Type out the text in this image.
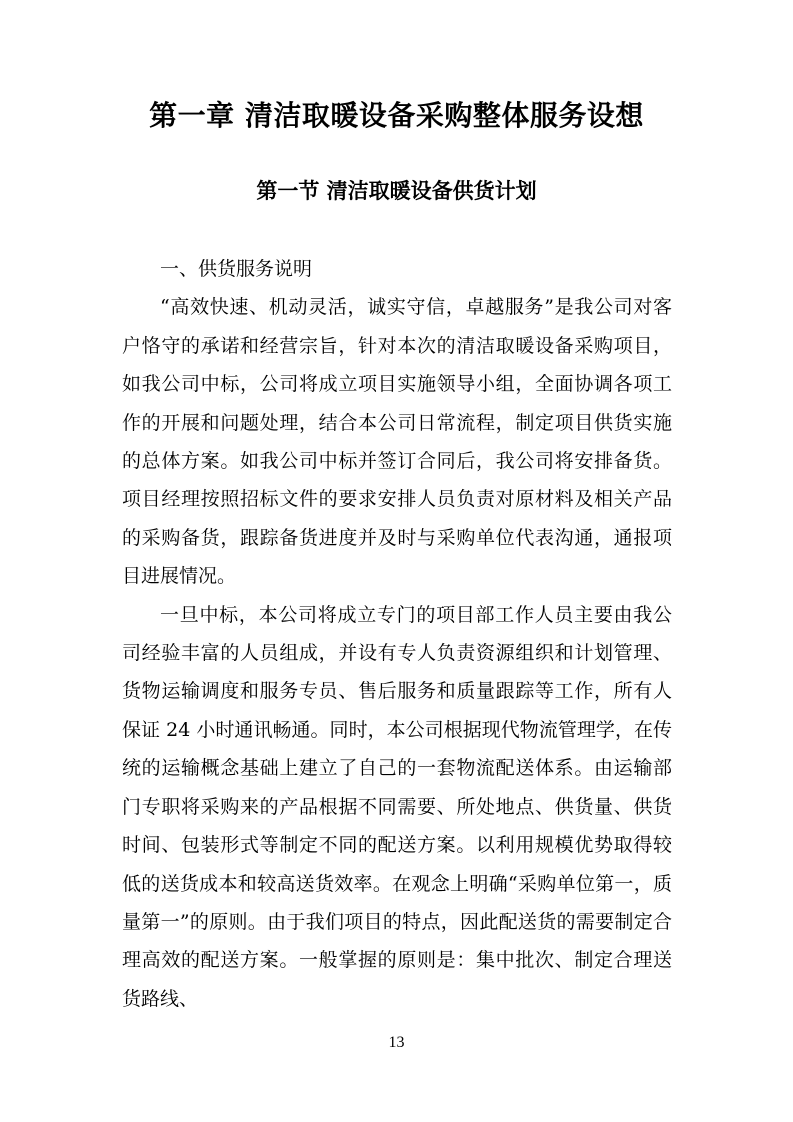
第一章 清洁取暖设备采购整体服务设想
第一节 清洁取暖设备供货计划

一、供货服务说明

“高效快速、机动灵活，诚实守信，卓越服务”是我公司对客户恪守的承诺和经营宗旨，针对本次的清洁取暖设备采购项目，如我公司中标，公司将成立项目实施领导小组，全面协调各项工作的开展和问题处理，结合本公司日常流程，制定项目供货实施的总体方案。如我公司中标并签订合同后，我公司将安排备货。项目经理按照招标文件的要求安排人员负责对原材料及相关产品的采购备货，跟踪备货进度并及时与采购单位代表沟通，通报项目进展情况。

一旦中标，本公司将成立专门的项目部工作人员主要由我公司经验丰富的人员组成，并设有专人负责资源组织和计划管理、货物运输调度和服务专员、售后服务和质量跟踪等工作，所有人保证 24 小时通讯畅通。同时，本公司根据现代物流管理学，在传统的运输概念基础上建立了自己的一套物流配送体系。由运输部门专职将采购来的产品根据不同需要、所处地点、供货量、供货时间、包装形式等制定不同的配送方案。以利用规模优势取得较低的送货成本和较高送货效率。在观念上明确“采购单位第一，质量第一”的原则。由于我们项目的特点，因此配送货的需要制定合理高效的配送方案。一般掌握的原则是：集中批次、制定合理送货路线、

13
